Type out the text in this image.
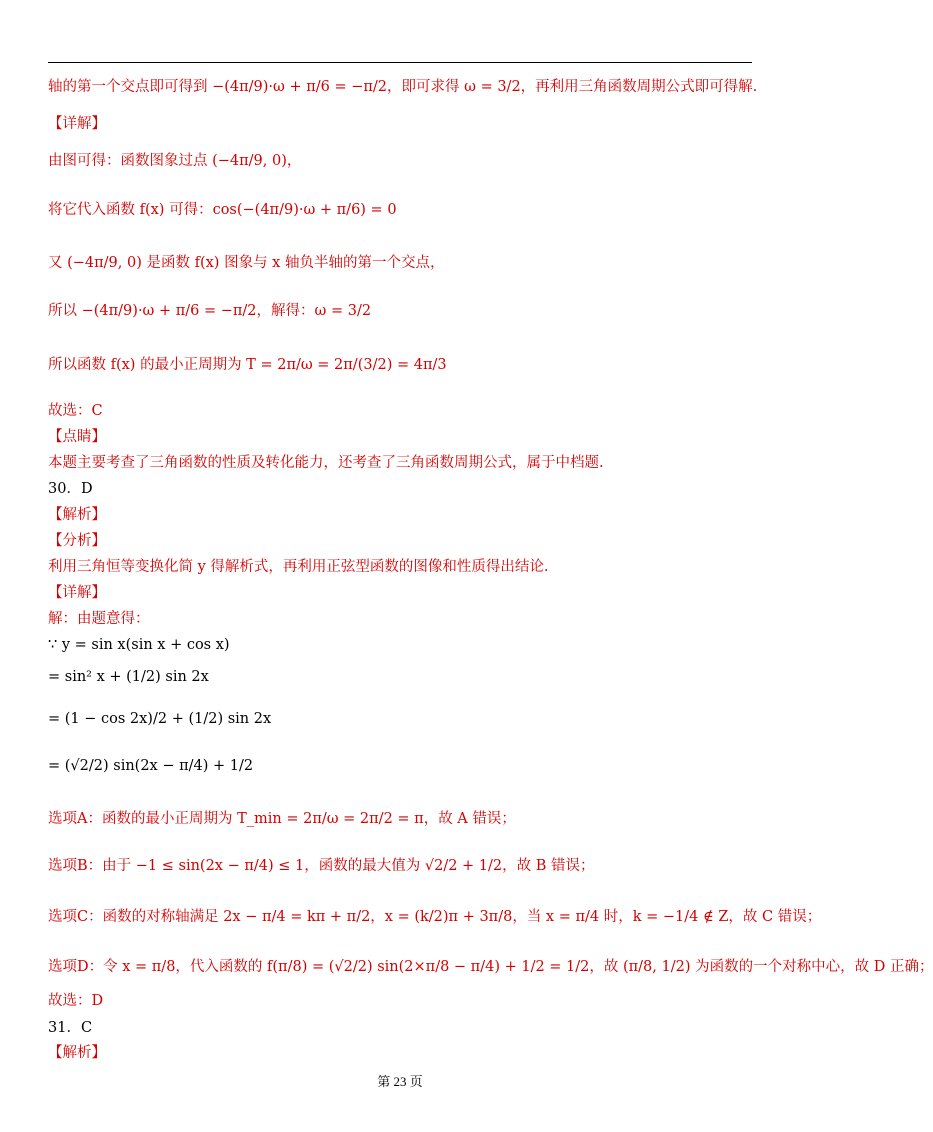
轴的第一个交点即可得到 −(4π/9)·ω + π/6 = −π/2，即可求得 ω = 3/2，再利用三角函数周期公式即可得解.
【详解】
由图可得：函数图象过点 (−4π/9, 0)，
将它代入函数 f(x) 可得：cos(−(4π/9)·ω + π/6) = 0
又 (−4π/9, 0) 是函数 f(x) 图象与 x 轴负半轴的第一个交点，
所以 −(4π/9)·ω + π/6 = −π/2，解得：ω = 3/2
所以函数 f(x) 的最小正周期为 T = 2π/ω = 2π/(3/2) = 4π/3
故选：C
【点睛】
本题主要考查了三角函数的性质及转化能力，还考查了三角函数周期公式，属于中档题.
30．D
【解析】
【分析】
利用三角恒等变换化简 y 得解析式，再利用正弦型函数的图像和性质得出结论.
【详解】
解：由题意得：
∵ y = sin x(sin x + cos x)
= sin² x + (1/2) sin 2x
= (1 − cos 2x)/2 + (1/2) sin 2x
= (√2/2) sin(2x − π/4) + 1/2
选项A：函数的最小正周期为 T_min = 2π/ω = 2π/2 = π，故 A 错误；
选项B：由于 −1 ≤ sin(2x − π/4) ≤ 1，函数的最大值为 √2/2 + 1/2，故 B 错误；
选项C：函数的对称轴满足 2x − π/4 = kπ + π/2，x = (k/2)π + 3π/8，当 x = π/4 时，k = −1/4 ∉ Z，故 C 错误；
选项D：令 x = π/8，代入函数的 f(π/8) = (√2/2) sin(2×π/8 − π/4) + 1/2 = 1/2，故 (π/8, 1/2) 为函数的一个对称中心，故 D 正确；
故选：D
31．C
【解析】
第 23 页
